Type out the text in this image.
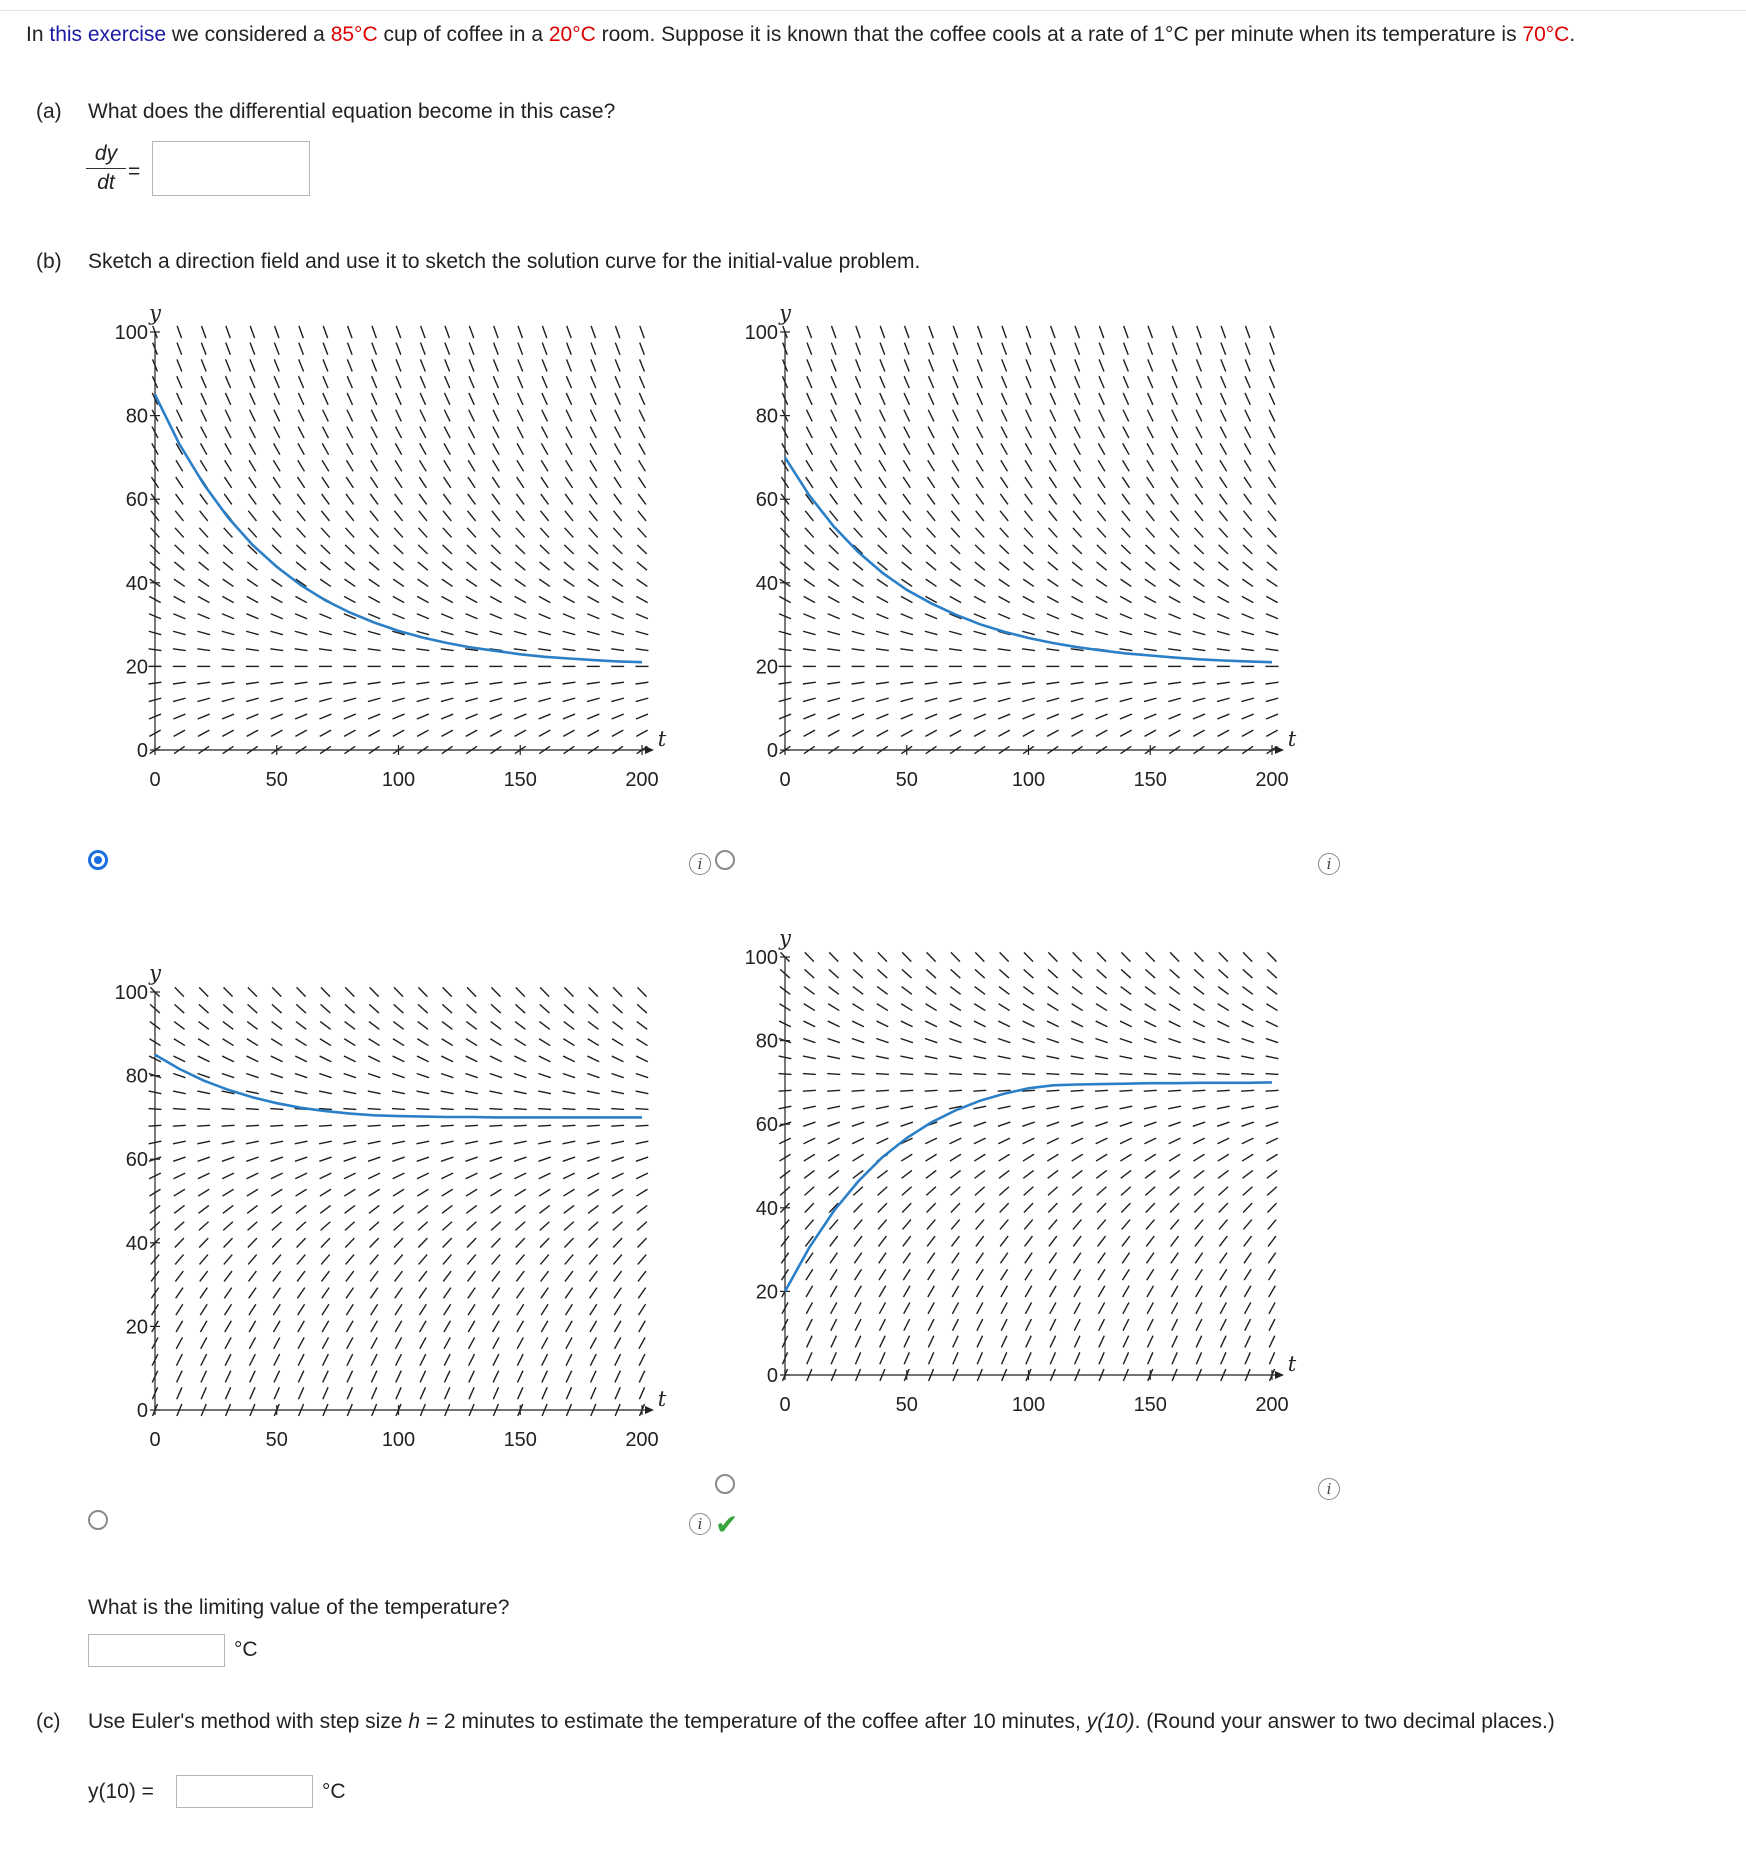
In this exercise we considered a 85°C cup of coffee in a 20°C room. Suppose it is known that the coffee cools at a rate of 1°C per minute when its temperature is 70°C.
(a) What does the differential equation become in this case?
$\frac{dy}{dt}$ =
(b) Sketch a direction field and use it to sketch the solution curve for the initial-value problem.
0	50	100	150	200
0
20
40
60
80
100
y
t
0	50	100	150	200
0
20
40
60
80
100
y
t
0	50	100	150	200
0
20
40
60
80
100
y
t	0	50	100	150	200
0
20
40
60
80
100
y
t
i	i
i ✔
i
What is the limiting value of the temperature?
°C
(c) Use Euler's method with step size h = 2 minutes to estimate the temperature of the coffee after 10 minutes, y(10). (Round your answer to two decimal places.)
y(10) =	°C
